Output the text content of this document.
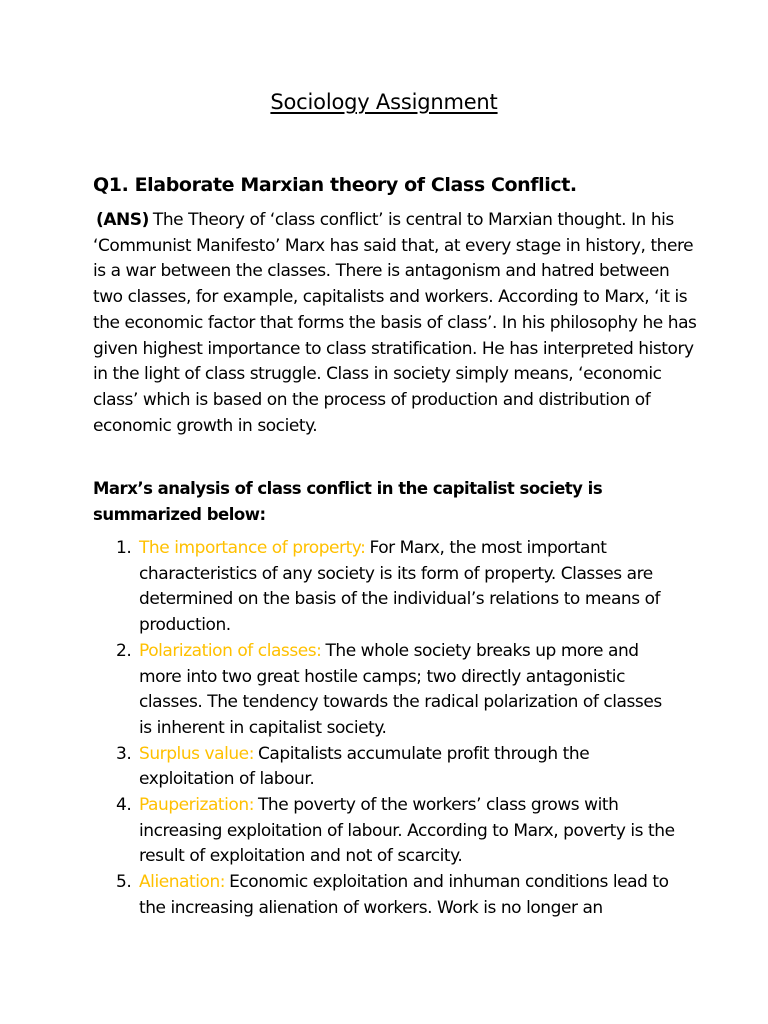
Sociology Assignment
Q1. Elaborate Marxian theory of Class Conflict.
(ANS) The Theory of ‘class conflict’ is central to Marxian thought. In his ‘Communist Manifesto’ Marx has said that, at every stage in history, there is a war between the classes. There is antagonism and hatred between two classes, for example, capitalists and workers. According to Marx, ‘it is the economic factor that forms the basis of class’. In his philosophy he has given highest importance to class stratification. He has interpreted history in the light of class struggle. Class in society simply means, ‘economic class’ which is based on the process of production and distribution of economic growth in society.
Marx’s analysis of class conflict in the capitalist society is summarized below:
1. The importance of property: For Marx, the most important characteristics of any society is its form of property. Classes are determined on the basis of the individual’s relations to means of production.
2. Polarization of classes: The whole society breaks up more and more into two great hostile camps; two directly antagonistic classes. The tendency towards the radical polarization of classes is inherent in capitalist society.
3. Surplus value: Capitalists accumulate profit through the exploitation of labour.
4. Pauperization: The poverty of the workers’ class grows with increasing exploitation of labour. According to Marx, poverty is the result of exploitation and not of scarcity.
5. Alienation: Economic exploitation and inhuman conditions lead to the increasing alienation of workers. Work is no longer an
